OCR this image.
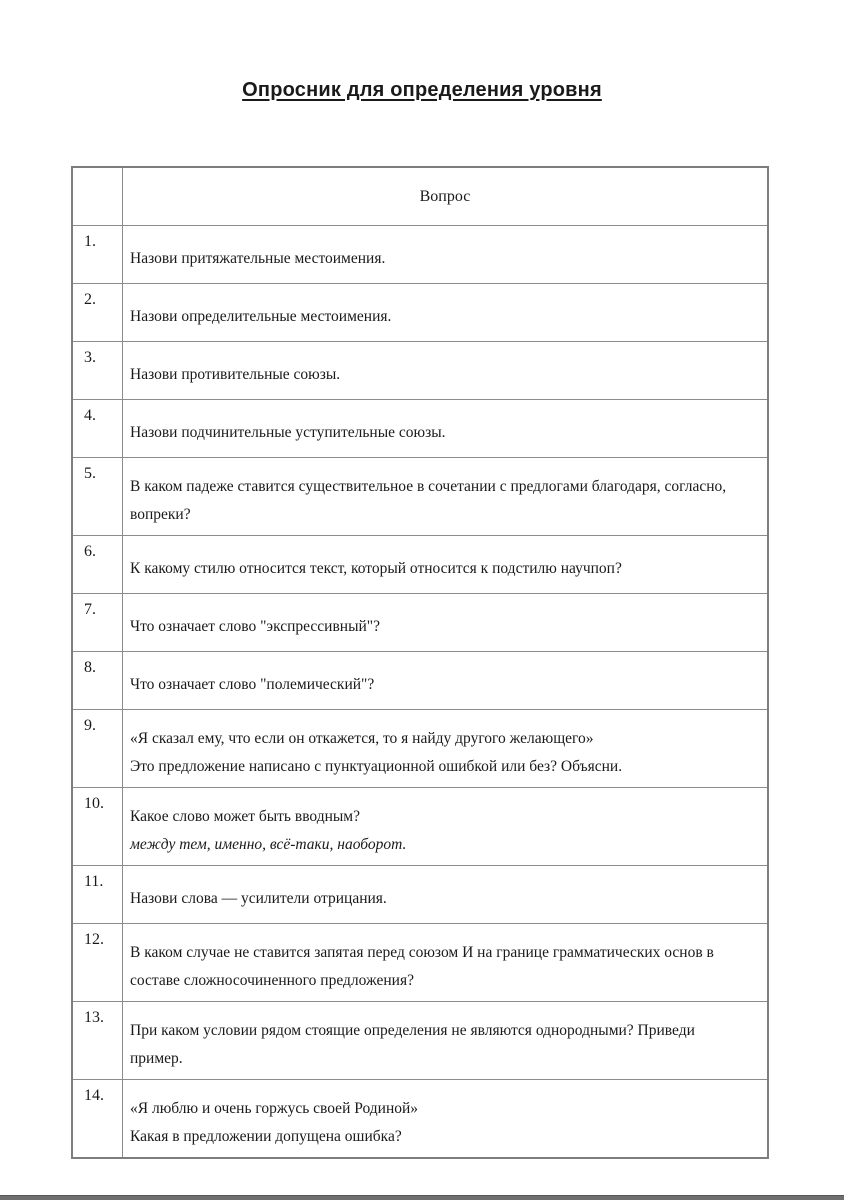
Опросник для определения уровня
Вопрос
1.
Назови притяжательные местоимения.
2.
Назови определительные местоимения.
3.
Назови противительные союзы.
4.
Назови подчинительные уступительные союзы.
5.
В каком падеже ставится существительное в сочетании с предлогами благодаря, согласно, вопреки?
6.
К какому стилю относится текст, который относится к подстилю научпоп?
7.
Что означает слово "экспрессивный"?
8.
Что означает слово "полемический"?
9.
«Я сказал ему, что если он откажется, то я найду другого желающего»
Это предложение написано с пунктуационной ошибкой или без? Объясни.
10.
Какое слово может быть вводным?
между тем, именно, всё-таки, наоборот.
11.
Назови слова — усилители отрицания.
12.
В каком случае не ставится запятая перед союзом И на границе грамматических основ в составе сложносочиненного предложения?
13.
При каком условии рядом стоящие определения не являются однородными? Приведи пример.
14.
«Я люблю и очень горжусь своей Родиной»
Какая в предложении допущена ошибка?
